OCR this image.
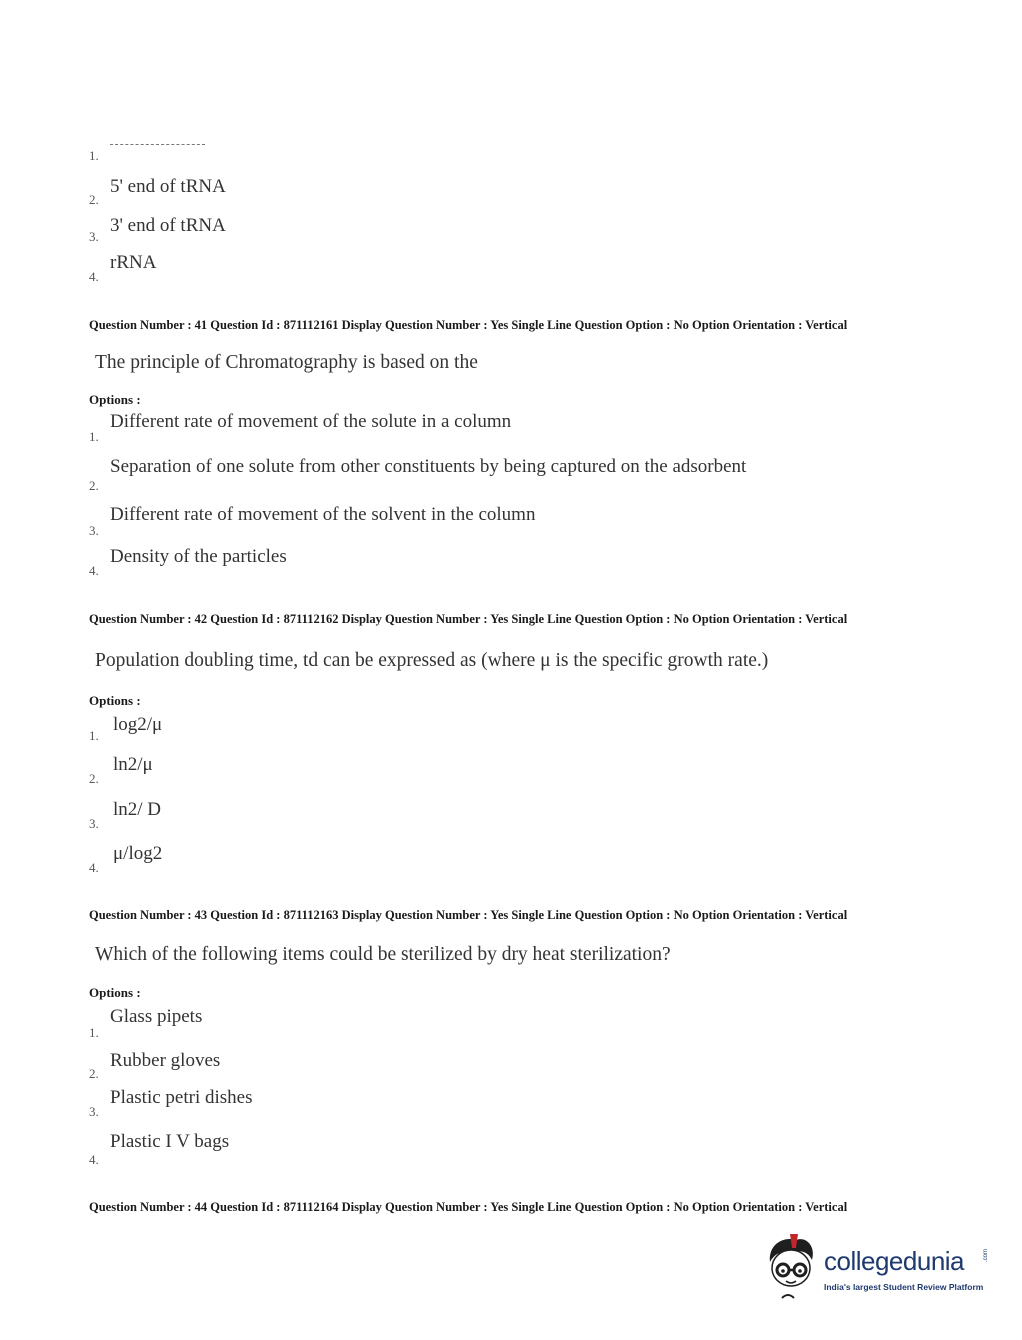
1.
2.
5' end of tRNA
3.
3' end of tRNA
4.
rRNA
Question Number : 41 Question Id : 871112161 Display Question Number : Yes Single Line Question Option : No Option Orientation : Vertical
The principle of Chromatography is based on the
Options :
1.
Different rate of movement of the solute in a column
2.
Separation of one solute from other constituents by being captured on the adsorbent
3.
Different rate of movement of the solvent in the column
4.
Density of the particles
Question Number : 42 Question Id : 871112162 Display Question Number : Yes Single Line Question Option : No Option Orientation : Vertical
Population doubling time, td can be expressed as (where μ is the specific growth rate.)
Options :
1.
log2/μ
2.
ln2/μ
3.
ln2/ D
4.
μ/log2
Question Number : 43 Question Id : 871112163 Display Question Number : Yes Single Line Question Option : No Option Orientation : Vertical
Which of the following items could be sterilized by dry heat sterilization?
Options :
1.
Glass pipets
2.
Rubber gloves
3.
Plastic petri dishes
4.
Plastic I V bags
Question Number : 44 Question Id : 871112164 Display Question Number : Yes Single Line Question Option : No Option Orientation : Vertical
collegedunia	.com
India's largest Student Review Platform
